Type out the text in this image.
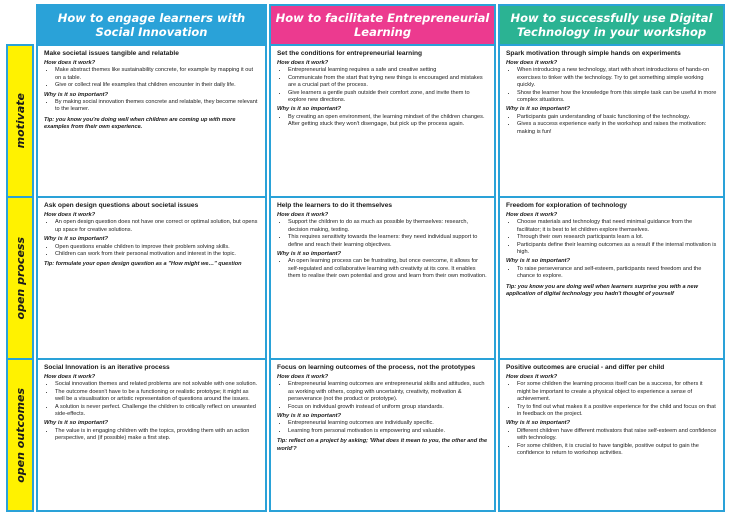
How to engage learners with Social Innovation
How to facilitate Entrepreneurial Learning
How to successfully use Digital Technology in your workshop
motivate
Make societal issues tangible and relatable
How does it work?
• Make abstract themes like sustainability concrete, for example by mapping it out on a table.
• Give or collect real life examples that children encounter in their daily life.
Why is it so important?
• By making social innovation themes concrete and relatable, they become relevant to the learner.
Tip: you know you're doing well when children are coming up with more examples from their own experience.
Set the conditions for entrepreneurial learning
How does it work?
• Entrepreneurial learning requires a safe and creative setting
• Communicate from the start that trying new things is encouraged and mistakes are a crucial part of the process.
• Give learners a gentle push outside their comfort zone, and invite them to explore new directions.
Why is it so important?
• By creating an open environment, the learning mindset of the children changes. After getting stuck they won't disengage, but pick up the process again.
Spark motivation through simple hands on experiments
How does it work?
• When introducing a new technology, start with short introductions of hands-on exercises to tinker with the technology. Try to get something simple working quickly.
• Show the learner how the knowledge from this simple task can be useful in more complex situations.
Why is it so important?
• Participants gain understanding of basic functioning of the technology.
• Gives a success experience early in the workshop and raises the motivation: making is fun!
open process
Ask open design questions about societal issues
How does it work?
• An open design question does not have one correct or optimal solution, but opens up space for creative solutions.
Why is it so important?
• Open questions enable children to improve their problem solving skills.
• Children can work from their personal motivation and interest in the topic.
Tip: formulate your open design question as a "How might we…" question
Help the learners to do it themselves
How does it work?
• Support the children to do as much as possible by themselves: research, decision making, testing.
• This requires sensitivity towards the learners: they need individual support to define and reach their learning objectives.
Why is it so important?
• An open learning process can be frustrating, but once overcome, it allows for self-regulated and collaborative learning with creativity at its core. It enables them to realise their own potential and grow and learn from their own motivation.
Freedom for exploration of technology
How does it work?
• Choose materials and technology that need minimal guidance from the facilitator; it is best to let children explore themselves.
• Through their own research participants learn a lot.
• Participants define their learning outcomes as a result if the internal motivation is high.
Why is it so important?
• To raise perseverance and self-esteem, participants need freedom and the chance to explore.
Tip: you know you are doing well when learners surprise you with a new application of digital technology you hadn't thought of yourself
open outcomes
Social Innovation is an iterative process
How does it work?
• Social innovation themes and related problems are not solvable with one solution.
• The outcome doesn't have to be a functioning or realistic prototype; it might as well be a visualisation or artistic representation of questions around the issues.
• A solution is never perfect. Challenge the children to critically reflect on unwanted side-effects.
Why is it so important?
• The value is in engaging children with the topics, providing them with an action perspective, and (if possible) make a first step.
Focus on learning outcomes of the process, not the prototypes
How does it work?
• Entrepreneurial learning outcomes are entrepreneurial skills and attitudes, such as working with others, coping with uncertainty, creativity, motivation & perseverance (not the product or prototype).
• Focus on individual growth instead of uniform group standards.
Why is it so important?
• Entrepreneurial learning outcomes are individually specific.
• Learning from personal motivation is empowering and valuable.
Tip: reflect on a project by asking; 'What does it mean to you, the other and the world'?
Positive outcomes are crucial - and differ per child
How does it work?
• For some children the learning process itself can be a success, for others it might be important to create a physical object to experience a sense of achievement.
• Try to find out what makes it a positive experience for the child and focus on that in feedback on the project.
Why is it so important?
• Different children have different motivators that raise self-esteem and confidence with technology.
• For some children, it is crucial to have tangible, positive output to gain the confidence to return to workshop activities.
